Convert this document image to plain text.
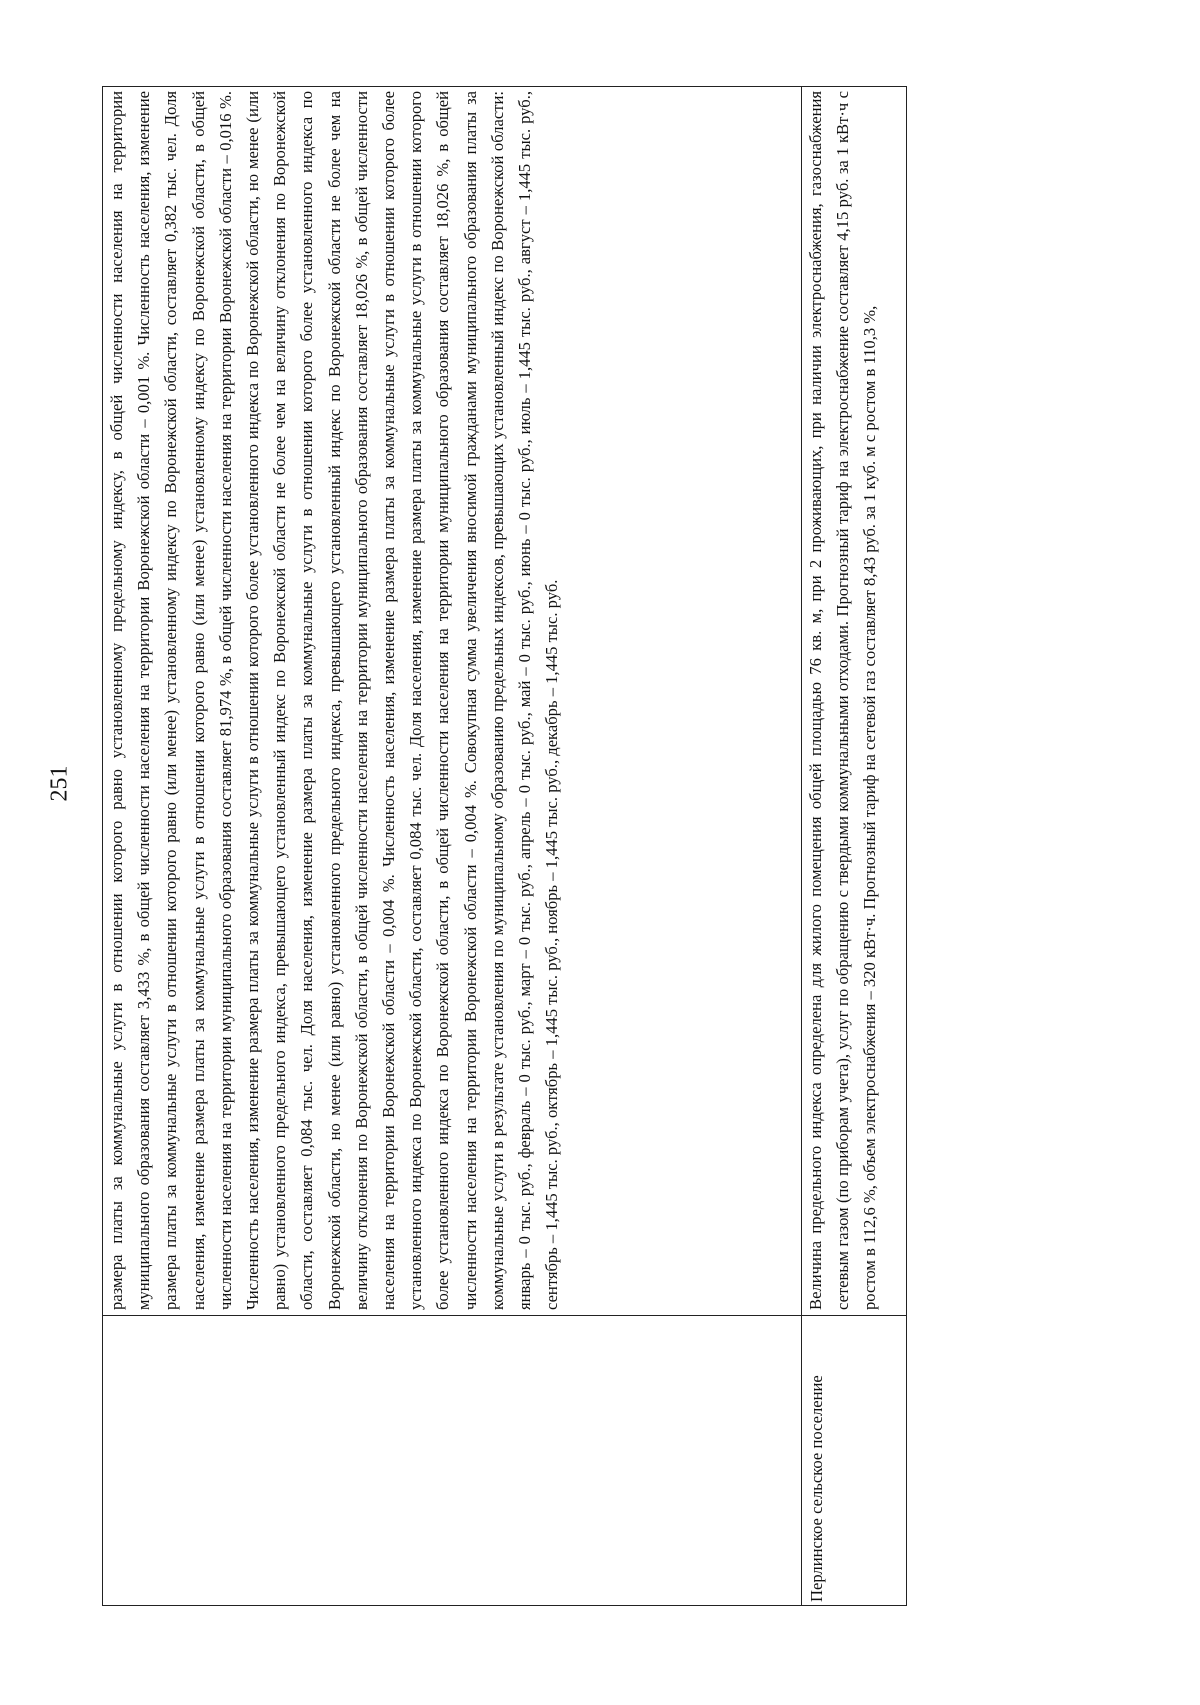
251 размера платы за коммунальные услуги в отношении которого равно установленному предельному индексу, в общей численности населения на территории муниципального образования составляет 3,433 %, в общей численности населения на территории Воронежской области – 0,001 %. Численность населения, изменение размера платы за коммунальные услуги в отношении которого равно (или менее) установленному индексу по Воронежской области, составляет 0,382 тыс. чел. Доля населения, изменение размера платы за коммунальные услуги в отношении которого равно (или менее) установленному индексу по Воронежской области, в общей численности населения на территории муниципального образования составляет 81,974 %, в общей численности населения на территории Воронежской области – 0,016 %. Численность населения, изменение размера платы за коммунальные услуги в отношении которого более установленного индекса по Воронежской области, но менее (или равно) установленного предельного индекса, превышающего установленный индекс по Воронежской области не более чем на величину отклонения по Воронежской области, составляет 0,084 тыс. чел. Доля населения, изменение размера платы за коммунальные услуги в отношении которого более установленного индекса по Воронежской области, но менее (или равно) установленного предельного индекса, превышающего установленный индекс по Воронежской области не более чем на величину отклонения по Воронежской области, в общей численности населения на территории муниципального образования составляет 18,026 %, в общей численности населения на территории Воронежской области – 0,004 %. Численность населения, изменение размера платы за коммунальные услуги в отношении которого более установленного индекса по Воронежской области, составляет 0,084 тыс. чел. Доля населения, изменение размера платы за коммунальные услуги в отношении которого более установленного индекса по Воронежской области, в общей численности населения на территории муниципального образования составляет 18,026 %, в общей численности населения на территории Воронежской области – 0,004 %. Совокупная сумма увеличения вносимой гражданами муниципального образования платы за коммунальные услуги в результате установления по муниципальному образованию предельных индексов, превышающих установленный индекс по Воронежской области: январь – 0 тыс. руб., февраль – 0 тыс. руб., март – 0 тыс. руб., апрель – 0 тыс. руб., май – 0 тыс. руб., июнь – 0 тыс. руб., июль – 1,445 тыс. руб., август – 1,445 тыс. руб., сентябрь – 1,445 тыс. руб., октябрь – 1,445 тыс. руб., ноябрь – 1,445 тыс. руб., декабрь – 1,445 тыс. руб.
Перлинское сельское поселение
Величина предельного индекса определена для жилого помещения общей площадью 76 кв. м, при 2 проживающих, при наличии электроснабжения, газоснабжения сетевым газом (по приборам учета), услуг по обращению с твердыми коммунальными отходами. Прогнозный тариф на электроснабжение составляет 4,15 руб. за 1 кВт·ч с ростом в 112,6 %, объем электроснабжения – 320 кВт·ч. Прогнозный тариф на сетевой газ составляет 8,43 руб. за 1 куб. м с ростом в 110,3 %,
